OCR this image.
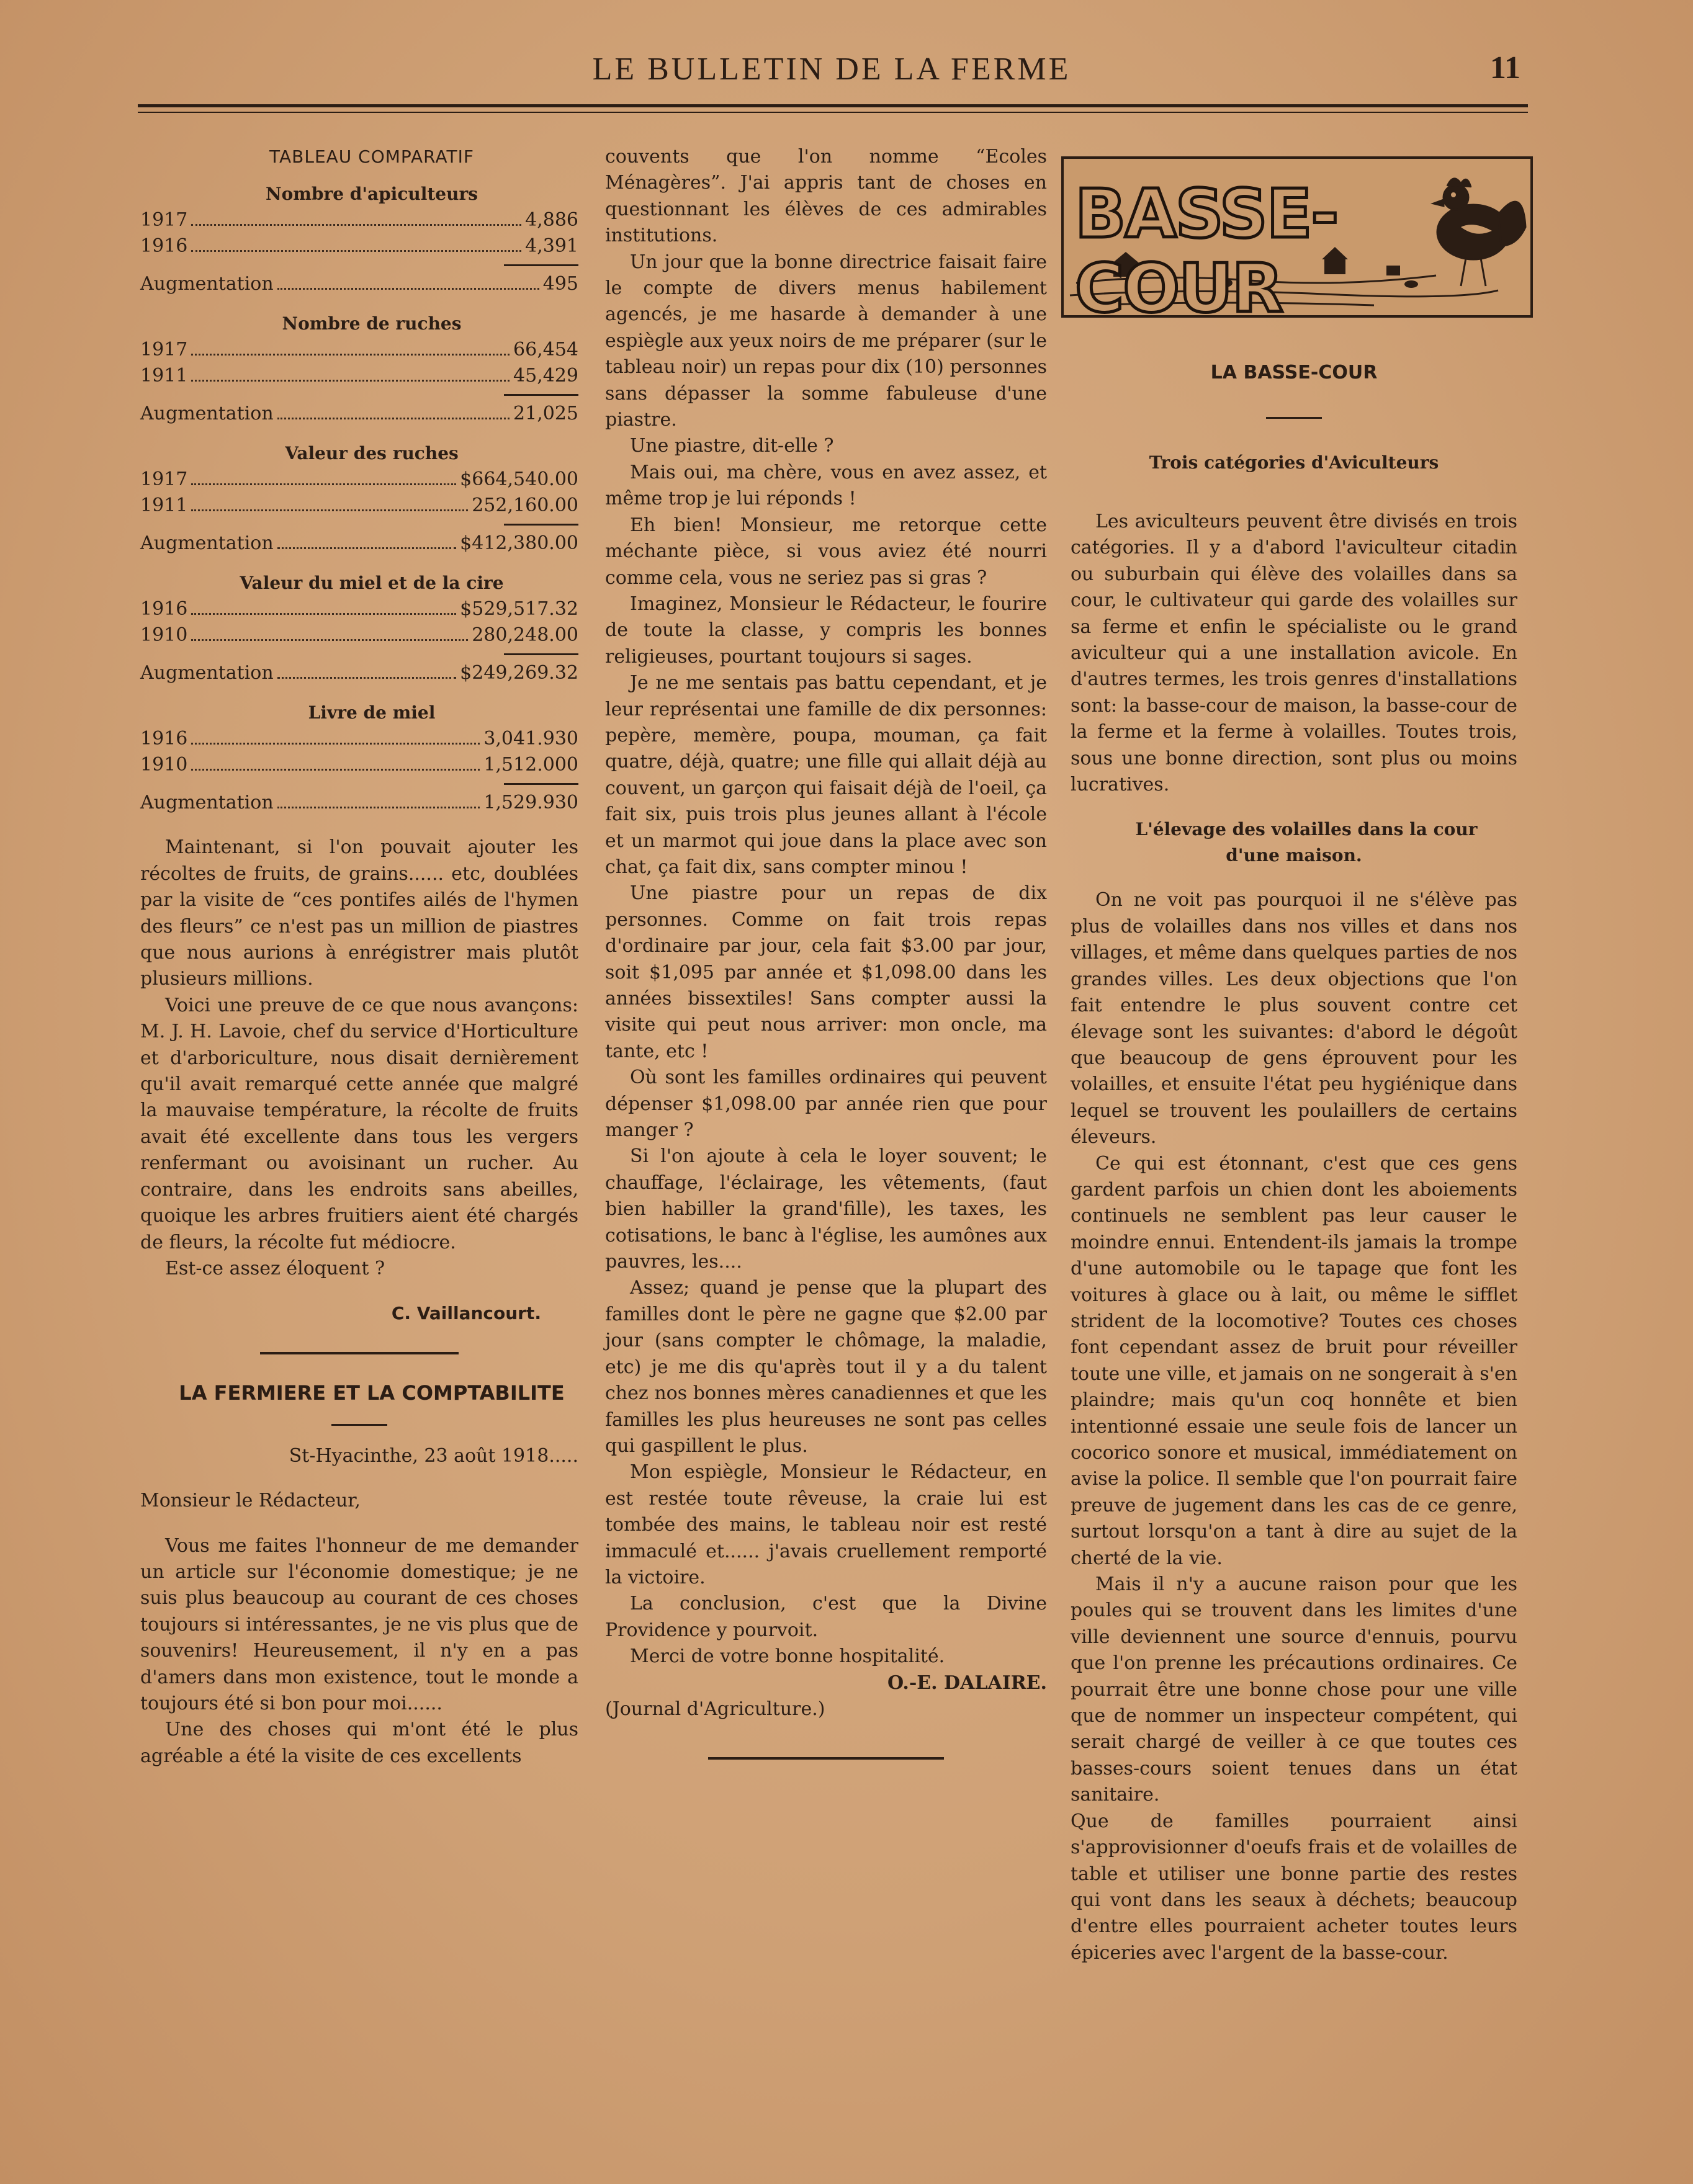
LE BULLETIN DE LA FERME	11

TABLEAU COMPARATIF

Nombre d'apiculteurs

1917	4,886
1916	4,391
Augmentation	495

Nombre de ruches

1917	66,454
1911	45,429
Augmentation	21,025

Valeur des ruches

1917	$664,540.00
1911	252,160.00
Augmentation	$412,380.00

Valeur du miel et de la cire

1916	$529,517.32
1910	280,248.00
Augmentation	$249,269.32

Livre de miel

1916	3,041.930
1910	1,512.000
Augmentation	1,529.930

Maintenant, si l'on pouvait ajouter les récoltes de fruits, de grains...... etc, doublées par la visite de “ces pontifes ailés de l'hymen des fleurs” ce n'est pas un million de piastres que nous aurions à enrégistrer mais plutôt plusieurs millions.

Voici une preuve de ce que nous avançons: M. J. H. Lavoie, chef du service d'Horticulture et d'arboriculture, nous disait dernièrement qu'il avait remarqué cette année que malgré la mauvaise température, la récolte de fruits avait été excellente dans tous les vergers renfermant ou avoisinant un rucher. Au contraire, dans les endroits sans abeilles, quoique les arbres fruitiers aient été chargés de fleurs, la récolte fut médiocre.

Est-ce assez éloquent ?

C. Vaillancourt.

LA FERMIERE ET LA COMPTABILITE

St-Hyacinthe, 23 août 1918.....

Monsieur le Rédacteur,

Vous me faites l'honneur de me demander un article sur l'économie domestique; je ne suis plus beaucoup au courant de ces choses toujours si intéressantes, je ne vis plus que de souvenirs! Heureusement, il n'y en a pas d'amers dans mon existence, tout le monde a toujours été si bon pour moi......

Une des choses qui m'ont été le plus agréable a été la visite de ces excellents

couvents que l'on nomme “Ecoles Ménagères”. J'ai appris tant de choses en questionnant les élèves de ces admirables institutions.

Un jour que la bonne directrice faisait faire le compte de divers menus habilement agencés, je me hasarde à demander à une espiègle aux yeux noirs de me préparer (sur le tableau noir) un repas pour dix (10) personnes sans dépasser la somme fabuleuse d'une piastre.

Une piastre, dit-elle ?

Mais oui, ma chère, vous en avez assez, et même trop je lui réponds !

Eh bien! Monsieur, me retorque cette méchante pièce, si vous aviez été nourri comme cela, vous ne seriez pas si gras ?

Imaginez, Monsieur le Rédacteur, le fourire de toute la classe, y compris les bonnes religieuses, pourtant toujours si sages.

Je ne me sentais pas battu cependant, et je leur représentai une famille de dix personnes: pepère, memère, poupa, mouman, ça fait quatre, déjà, quatre; une fille qui allait déjà au couvent, un garçon qui faisait déjà de l'oeil, ça fait six, puis trois plus jeunes allant à l'école et un marmot qui joue dans la place avec son chat, ça fait dix, sans compter minou !

Une piastre pour un repas de dix personnes. Comme on fait trois repas d'ordinaire par jour, cela fait $3.00 par jour, soit $1,095 par année et $1,098.00 dans les années bissextiles! Sans compter aussi la visite qui peut nous arriver: mon oncle, ma tante, etc !

Où sont les familles ordinaires qui peuvent dépenser $1,098.00 par année rien que pour manger ?

Si l'on ajoute à cela le loyer souvent; le chauffage, l'éclairage, les vêtements, (faut bien habiller la grand'fille), les taxes, les cotisations, le banc à l'église, les aumônes aux pauvres, les....

Assez; quand je pense que la plupart des familles dont le père ne gagne que $2.00 par jour (sans compter le chômage, la maladie, etc) je me dis qu'après tout il y a du talent chez nos bonnes mères canadiennes et que les familles les plus heureuses ne sont pas celles qui gaspillent le plus.

Mon espiègle, Monsieur le Rédacteur, en est restée toute rêveuse, la craie lui est tombée des mains, le tableau noir est resté immaculé et...... j'avais cruellement remporté la victoire.

La conclusion, c'est que la Divine Providence y pourvoit.

Merci de votre bonne hospitalité.

O.-E. DALAIRE.

(Journal d'Agriculture.)

BASSE-COUR

LA BASSE-COUR

Trois catégories d'Aviculteurs

Les aviculteurs peuvent être divisés en trois catégories. Il y a d'abord l'aviculteur citadin ou suburbain qui élève des volailles dans sa cour, le cultivateur qui garde des volailles sur sa ferme et enfin le spécialiste ou le grand aviculteur qui a une installation avicole. En d'autres termes, les trois genres d'installations sont: la basse-cour de maison, la basse-cour de la ferme et la ferme à volailles. Toutes trois, sous une bonne direction, sont plus ou moins lucratives.

L'élevage des volailles dans la cour d'une maison.

On ne voit pas pourquoi il ne s'élève pas plus de volailles dans nos villes et dans nos villages, et même dans quelques parties de nos grandes villes. Les deux objections que l'on fait entendre le plus souvent contre cet élevage sont les suivantes: d'abord le dégoût que beaucoup de gens éprouvent pour les volailles, et ensuite l'état peu hygiénique dans lequel se trouvent les poulaillers de certains éleveurs.

Ce qui est étonnant, c'est que ces gens gardent parfois un chien dont les aboiements continuels ne semblent pas leur causer le moindre ennui. Entendent-ils jamais la trompe d'une automobile ou le tapage que font les voitures à glace ou à lait, ou même le sifflet strident de la locomotive? Toutes ces choses font cependant assez de bruit pour réveiller toute une ville, et jamais on ne songerait à s'en plaindre; mais qu'un coq honnête et bien intentionné essaie une seule fois de lancer un cocorico sonore et musical, immédiatement on avise la police. Il semble que l'on pourrait faire preuve de jugement dans les cas de ce genre, surtout lorsqu'on a tant à dire au sujet de la cherté de la vie.

Mais il n'y a aucune raison pour que les poules qui se trouvent dans les limites d'une ville deviennent une source d'ennuis, pourvu que l'on prenne les précautions ordinaires. Ce pourrait être une bonne chose pour une ville que de nommer un inspecteur compétent, qui serait chargé de veiller à ce que toutes ces basses-cours soient tenues dans un état sanitaire.

Que de familles pourraient ainsi s'approvisionner d'oeufs frais et de volailles de table et utiliser une bonne partie des restes qui vont dans les seaux à déchets; beaucoup d'entre elles pourraient acheter toutes leurs épiceries avec l'argent de la basse-cour.
